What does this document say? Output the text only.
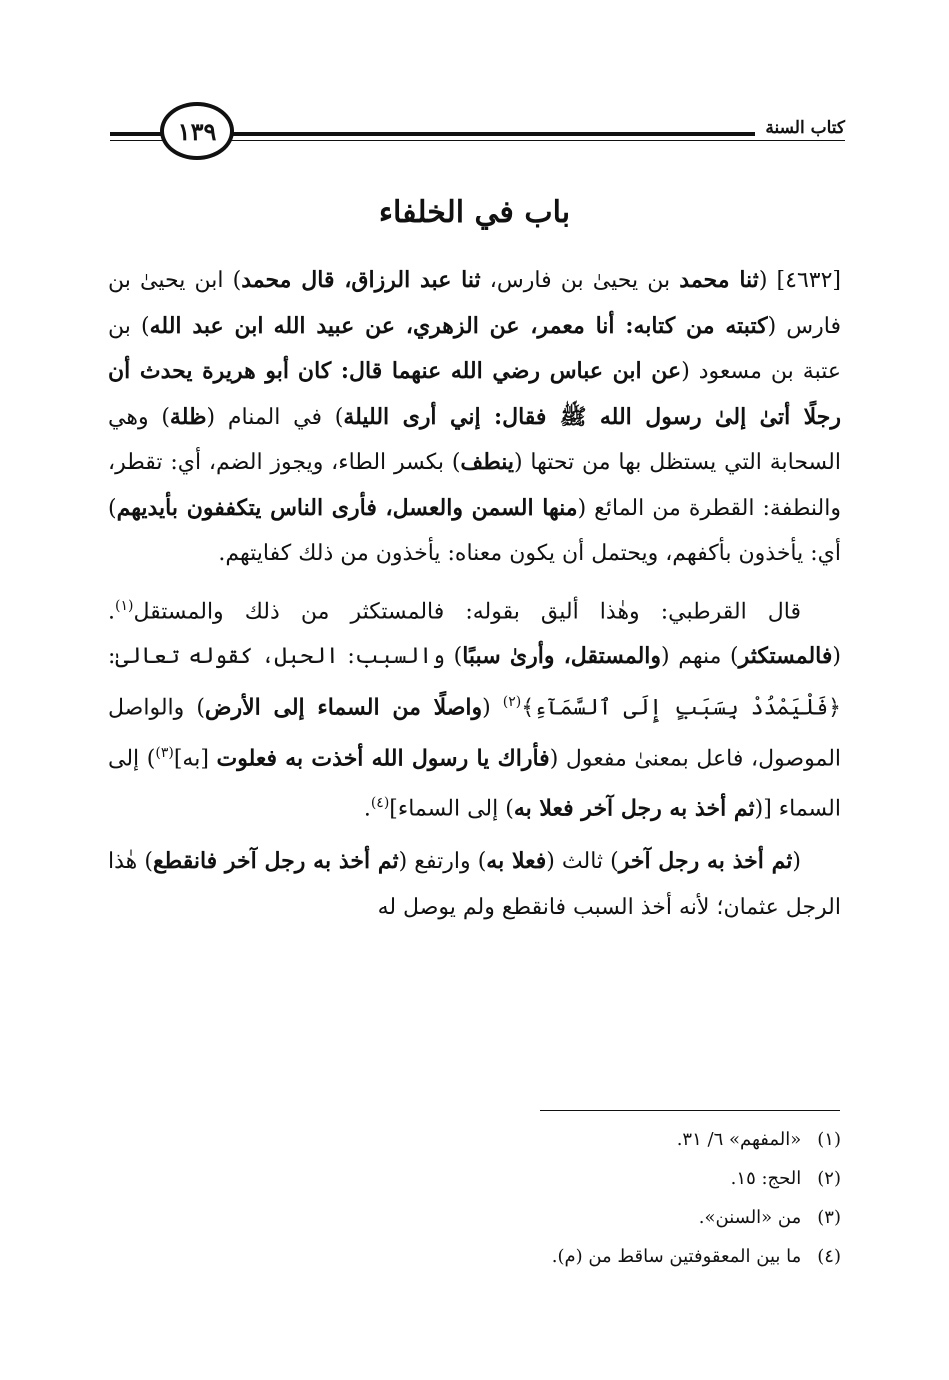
كتاب السنة
١٣٩
باب في الخلفاء

[٤٦٣٢] (ثنا محمد بن يحيىٰ بن فارس، ثنا عبد الرزاق، قال محمد) ابن يحيىٰ بن فارس (كتبته من كتابه: أنا معمر، عن الزهري، عن عبيد الله ابن عبد الله) بن عتبة بن مسعود (عن ابن عباس رضي الله عنهما قال: كان أبو هريرة يحدث أن رجلًا أتىٰ إلىٰ رسول الله ﷺ فقال: إني أرى الليلة) في المنام (ظلة) وهي السحابة التي يستظل بها من تحتها (ينطف) بكسر الطاء، ويجوز الضم، أي: تقطر، والنطفة: القطرة من المائع (منها السمن والعسل، فأرى الناس يتكففون بأيديهم) أي: يأخذون بأكفهم، ويحتمل أن يكون معناه: يأخذون من ذلك كفايتهم.

قال القرطبي: وهٰذا أليق بقوله: فالمستكثر من ذلك والمستقل$^{(١)}$. (فالمستكثر) منهم (والمستقل، وأرىٰ سببًا) والسبب: الحبل، كقوله تعالىٰ: ﴿فَلْيَمْدُدْ بِسَبَبٍ إِلَى ٱلسَّمَآءِ﴾$^{(٢)}$ (واصلًا من السماء إلى الأرض) والواصل الموصول، فاعل بمعنىٰ مفعول (فأراك يا رسول الله أخذت به فعلوت [به]$^{(٣)}$) إلى السماء [(ثم أخذ به رجل آخر فعلا به) إلى السماء]$^{(٤)}$.

(ثم أخذ به رجل آخر) ثالث (فعلا به) وارتفع (ثم أخذ به رجل آخر فانقطع) هٰذا الرجل عثمان؛ لأنه أخذ السبب فانقطع ولم يوصل له

(١) «المفهم» ٦/ ٣١.
(٢) الحج: ١٥.
(٣) من «السنن».
(٤) ما بين المعقوفتين ساقط من (م).
